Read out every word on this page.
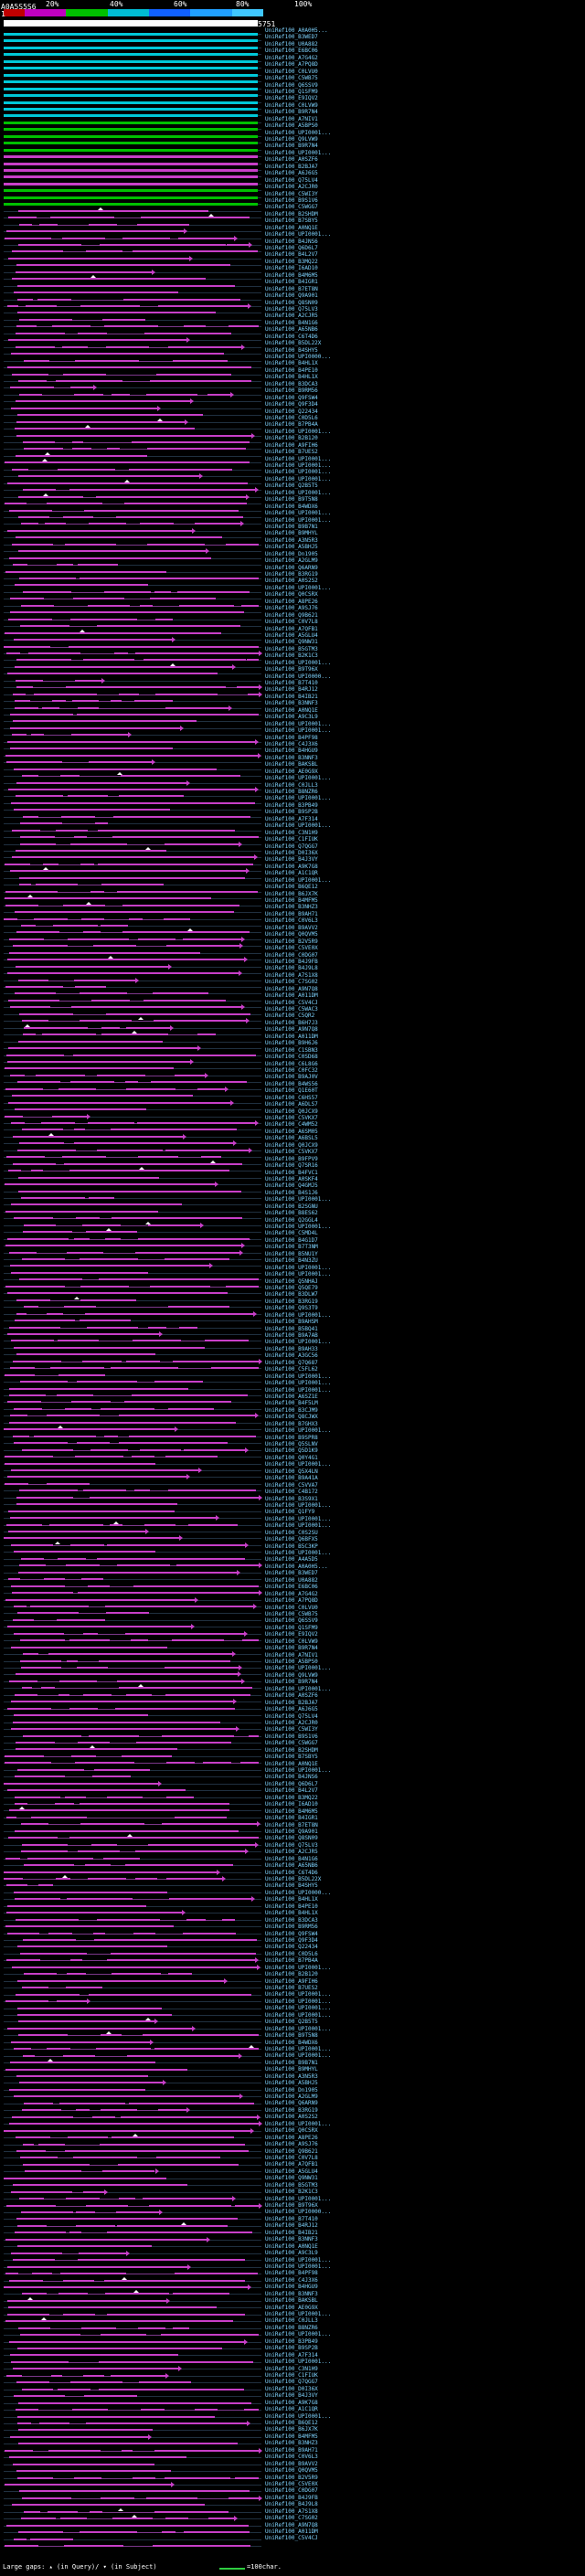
20%	40%	60%	80%	100%
1
A0A5S5S6
5751
UniRef100_A0A0H5...
UniRef100_B3WED7
UniRef100_U0A882
UniRef100_E6BC06
UniRef100_A7G4G2
UniRef100_A7PQ8D
UniRef100_C0LVU0
UniRef100_C5WB75
UniRef100_Q6SSV9
UniRef100_Q1SFM9
UniRef100_E9IQV2
UniRef100_C0LVW9
UniRef100_B9R7N4
UniRef100_A7NIV1
UniRef100_A5BPS0
UniRef100_UPI0001...
UniRef100_Q9LVW9
UniRef100_B9R7N4
UniRef100_UPI0001...
UniRef100_A0SZF6
UniRef100_B2BJA7
UniRef100_A6J6G5
UniRef100_Q75LV4
UniRef100_A2CJR0
UniRef100_C5WI3Y
UniRef100_B9S1V6
UniRef100_C5WGG7
UniRef100_B2SHDM
UniRef100_B7SBY5
UniRef100_A0NQ1E
UniRef100_UPI0001...
UniRef100_B4JNS6
UniRef100_Q6D6L7
UniRef100_B4L2V7
UniRef100_B3MQ22
UniRef100_I6AD10
UniRef100_B4M6M5
UniRef100_B4IGR1
UniRef100_B7ET8N
UniRef100_Q9A901
UniRef100_Q8SN09
UniRef100_Q75LV3
UniRef100_A2CJR5
UniRef100_B4N1G6
UniRef100_A65NB6
UniRef100_C6T4D6
UniRef100_B5DL22X
UniRef100_B4SHY5
UniRef100_UPI0000...
UniRef100_B4HL1X
UniRef100_B4PE10
UniRef100_B4HL1X
UniRef100_B3DCA3
UniRef100_B9RM56
UniRef100_Q9FSW4
UniRef100_Q9F3D4
UniRef100_Q22434
UniRef100_C0D5L6
UniRef100_B7PB4A
UniRef100_UPI0001...
UniRef100_B2B120
UniRef100_A9FIH6
UniRef100_B7UES2
UniRef100_UPI0001...
UniRef100_UPI0001...
UniRef100_UPI0001...
UniRef100_UPI0001...
UniRef100_Q2B5T5
UniRef100_UPI0001...
UniRef100_B9T5N8
UniRef100_B4WDX6
UniRef100_UPI0001...
UniRef100_UPI0001...
UniRef100_B9B7N1
UniRef100_B9MHYL
UniRef100_A3N5R3
UniRef100_A5BHJ5
UniRef100_Dn1905
UniRef100_A2GLM9
UniRef100_Q6ARN9
UniRef100_B3RG19
UniRef100_A0S2S2
UniRef100_UPI0001...
UniRef100_Q0CSRX
UniRef100_A8PE26
UniRef100_A9SJ76
UniRef100_Q9B621
UniRef100_C0V7L8
UniRef100_A7QFB1
UniRef100_A5GLU4
UniRef100_Q9NW31
UniRef100_B5GTM3
UniRef100_B2K1C3
UniRef100_UPI0001...
UniRef100_B9T96X
UniRef100_UPI0000...
UniRef100_B7T410
UniRef100_B4RJ12
UniRef100_B4IB21
UniRef100_B3NNF3
UniRef100_A0NQ1E
UniRef100_A9C3L9
UniRef100_UPI0001...
UniRef100_UPI0001...
UniRef100_B4PF98
UniRef100_C4J3X6
UniRef100_B4HGU9
UniRef100_B3NNF3
UniRef100_BAKSBL
UniRef100_AE0G9X
UniRef100_UPI0001...
UniRef100_C0JLL3
UniRef100_B8NZR6
UniRef100_UPI0001...
UniRef100_B3PB49
UniRef100_B9SP2B
UniRef100_A7F314
UniRef100_UPI0001...
UniRef100_C3N1H9
UniRef100_C1FIUK
UniRef100_Q7QGG7
UniRef100_D0I36X
UniRef100_B4J3VY
UniRef100_A9K7G8
UniRef100_A1C1QR
UniRef100_UPI0001...
UniRef100_B6QE12
UniRef100_B6JX7K
UniRef100_B4MFM5
UniRef100_B3NHZ3
UniRef100_B9AH71
UniRef100_C0V6L3
UniRef100_B9AVV2
UniRef100_Q0QVM5
UniRef100_B2V5R9
UniRef100_C5VE0X
UniRef100_C0DG07
UniRef100_B4J9FB
UniRef100_B4J9L8
UniRef100_A7S1X8
UniRef100_C7SG02
UniRef100_A9N7Q8
UniRef100_A011DM
UniRef100_C5V4CJ
UniRef100_C5WAC3
UniRef100_C5QR2
UniRef100_B6H7J3
UniRef100_A9N7Q8
UniRef100_A011DM
UniRef100_B9H6J6
UniRef100_C1SBN3
UniRef100_C0SD68
UniRef100_C6L8G6
UniRef100_C0FC32
UniRef100_B9AJ0V
UniRef100_B4WS56
UniRef100_Q1E60T
UniRef100_C6HS57
UniRef100_A6DLS7
UniRef100_Q0JCX9
UniRef100_C5VKX7
UniRef100_C4WM52
UniRef100_A6SM05
UniRef100_A6BSL5
UniRef100_Q0JCX9
UniRef100_C5VKX7
UniRef100_B9FPV9
UniRef100_Q7SR16
UniRef100_B4FVC1
UniRef100_A0SKF4
UniRef100_Q4GMJ5
UniRef100_B4S1J6
UniRef100_UPI0001...
UniRef100_B2SGNU
UniRef100_B8ES62
UniRef100_Q2GGL4
UniRef100_UPI0001...
UniRef100_C5MD4L
UniRef100_B4G1D7
UniRef100_B7T3NM
UniRef100_B5NU1Y
UniRef100_B4N3ZU
UniRef100_UPI0001...
UniRef100_UPI0001...
UniRef100_Q5NHAJ
UniRef100_Q5QE79
UniRef100_B3DLW7
UniRef100_B3RG19
UniRef100_Q9S3T9
UniRef100_UPI0001...
UniRef100_B9AHSM
UniRef100_B5BQ41
UniRef100_B9A7AB
UniRef100_UPI0001...
UniRef100_B9AH33
UniRef100_A3GC56
UniRef100_Q7Q687
UniRef100_C5FL62
UniRef100_UPI0001...
UniRef100_UPI0001...
UniRef100_UPI0001...
UniRef100_A6SZ1E
UniRef100_B4F5LM
UniRef100_B3CJM9
UniRef100_Q8CJWX
UniRef100_B7GHX3
UniRef100_UPI0001...
UniRef100_B9SPR8
UniRef100_Q5SLNV
UniRef100_Q5D1K9
UniRef100_Q0Y4G1
UniRef100_UPI0001...
UniRef100_Q5X4LN
UniRef100_B9A41A
UniRef100_C5VVA7
UniRef100_C4B172
UniRef100_B3S9X1
UniRef100_UPI0001...
UniRef100_Q1FY9
UniRef100_UPI0001...
UniRef100_UPI0001...
UniRef100_C0S2SU
UniRef100_Q6BFX5
UniRef100_B5C3KP
UniRef100_UPI0001...
UniRef100_A4A5D5
UniRef100_A0A0H5...
UniRef100_B3WED7
UniRef100_U0A882
UniRef100_E6BC06
UniRef100_A7G4G2
UniRef100_A7PQ8D
UniRef100_C0LVU0
UniRef100_C5WB75
UniRef100_Q6SSV9
UniRef100_Q1SFM9
UniRef100_E9IQV2
UniRef100_C0LVW9
UniRef100_B9R7N4
UniRef100_A7NIV1
UniRef100_A5BPS0
UniRef100_UPI0001...
UniRef100_Q9LVW9
UniRef100_B9R7N4
UniRef100_UPI0001...
UniRef100_A0SZF6
UniRef100_B2BJA7
UniRef100_A6J6G5
UniRef100_Q75LV4
UniRef100_A2CJR0
UniRef100_C5WI3Y
UniRef100_B9S1V6
UniRef100_C5WGG7
UniRef100_B2SHDM
UniRef100_B7SBY5
UniRef100_A0NQ1E
UniRef100_UPI0001...
UniRef100_B4JNS6
UniRef100_Q6D6L7
UniRef100_B4L2V7
UniRef100_B3MQ22
UniRef100_I6AD10
UniRef100_B4M6M5
UniRef100_B4IGR1
UniRef100_B7ET8N
UniRef100_Q9A901
UniRef100_Q8SN09
UniRef100_Q75LV3
UniRef100_A2CJR5
UniRef100_B4N1G6
UniRef100_A65NB6
UniRef100_C6T4D6
UniRef100_B5DL22X
UniRef100_B4SHY5
UniRef100_UPI0000...
UniRef100_B4HL1X
UniRef100_B4PE10
UniRef100_B4HL1X
UniRef100_B3DCA3
UniRef100_B9RM56
UniRef100_Q9FSW4
UniRef100_Q9F3D4
UniRef100_Q22434
UniRef100_C0D5L6
UniRef100_B7PB4A
UniRef100_UPI0001...
UniRef100_B2B120
UniRef100_A9FIH6
UniRef100_B7UES2
UniRef100_UPI0001...
UniRef100_UPI0001...
UniRef100_UPI0001...
UniRef100_UPI0001...
UniRef100_Q2B5T5
UniRef100_UPI0001...
UniRef100_B9T5N8
UniRef100_B4WDX6
UniRef100_UPI0001...
UniRef100_UPI0001...
UniRef100_B9B7N1
UniRef100_B9MHYL
UniRef100_A3N5R3
UniRef100_A5BHJ5
UniRef100_Dn1905
UniRef100_A2GLM9
UniRef100_Q6ARN9
UniRef100_B3RG19
UniRef100_A0S2S2
UniRef100_UPI0001...
UniRef100_Q0CSRX
UniRef100_A8PE26
UniRef100_A9SJ76
UniRef100_Q9B621
UniRef100_C0V7L8
UniRef100_A7QFB1
UniRef100_A5GLU4
UniRef100_Q9NW31
UniRef100_B5GTM3
UniRef100_B2K1C3
UniRef100_UPI0001...
UniRef100_B9T96X
UniRef100_UPI0000...
UniRef100_B7T410
UniRef100_B4RJ12
UniRef100_B4IB21
UniRef100_B3NNF3
UniRef100_A0NQ1E
UniRef100_A9C3L9
UniRef100_UPI0001...
UniRef100_UPI0001...
UniRef100_B4PF98
UniRef100_C4J3X6
UniRef100_B4HGU9
UniRef100_B3NNF3
UniRef100_BAKSBL
UniRef100_AE0G9X
UniRef100_UPI0001...
UniRef100_C0JLL3
UniRef100_B8NZR6
UniRef100_UPI0001...
UniRef100_B3PB49
UniRef100_B9SP2B
UniRef100_A7F314
UniRef100_UPI0001...
UniRef100_C3N1H9
UniRef100_C1FIUK
UniRef100_Q7QGG7
UniRef100_D0I36X
UniRef100_B4J3VY
UniRef100_A9K7G8
UniRef100_A1C1QR
UniRef100_UPI0001...
UniRef100_B6QE12
UniRef100_B6JX7K
UniRef100_B4MFM5
UniRef100_B3NHZ3
UniRef100_B9AH71
UniRef100_C0V6L3
UniRef100_B9AVV2
UniRef100_Q0QVM5
UniRef100_B2V5R9
UniRef100_C5VE0X
UniRef100_C0DG07
UniRef100_B4J9FB
UniRef100_B4J9L8
UniRef100_A7S1X8
UniRef100_C7SG02
UniRef100_A9N7Q8
UniRef100_A011DM
UniRef100_C5V4CJ
Large gaps: ▴ (in Query)/ ▾ (in Subject)	=100char.
